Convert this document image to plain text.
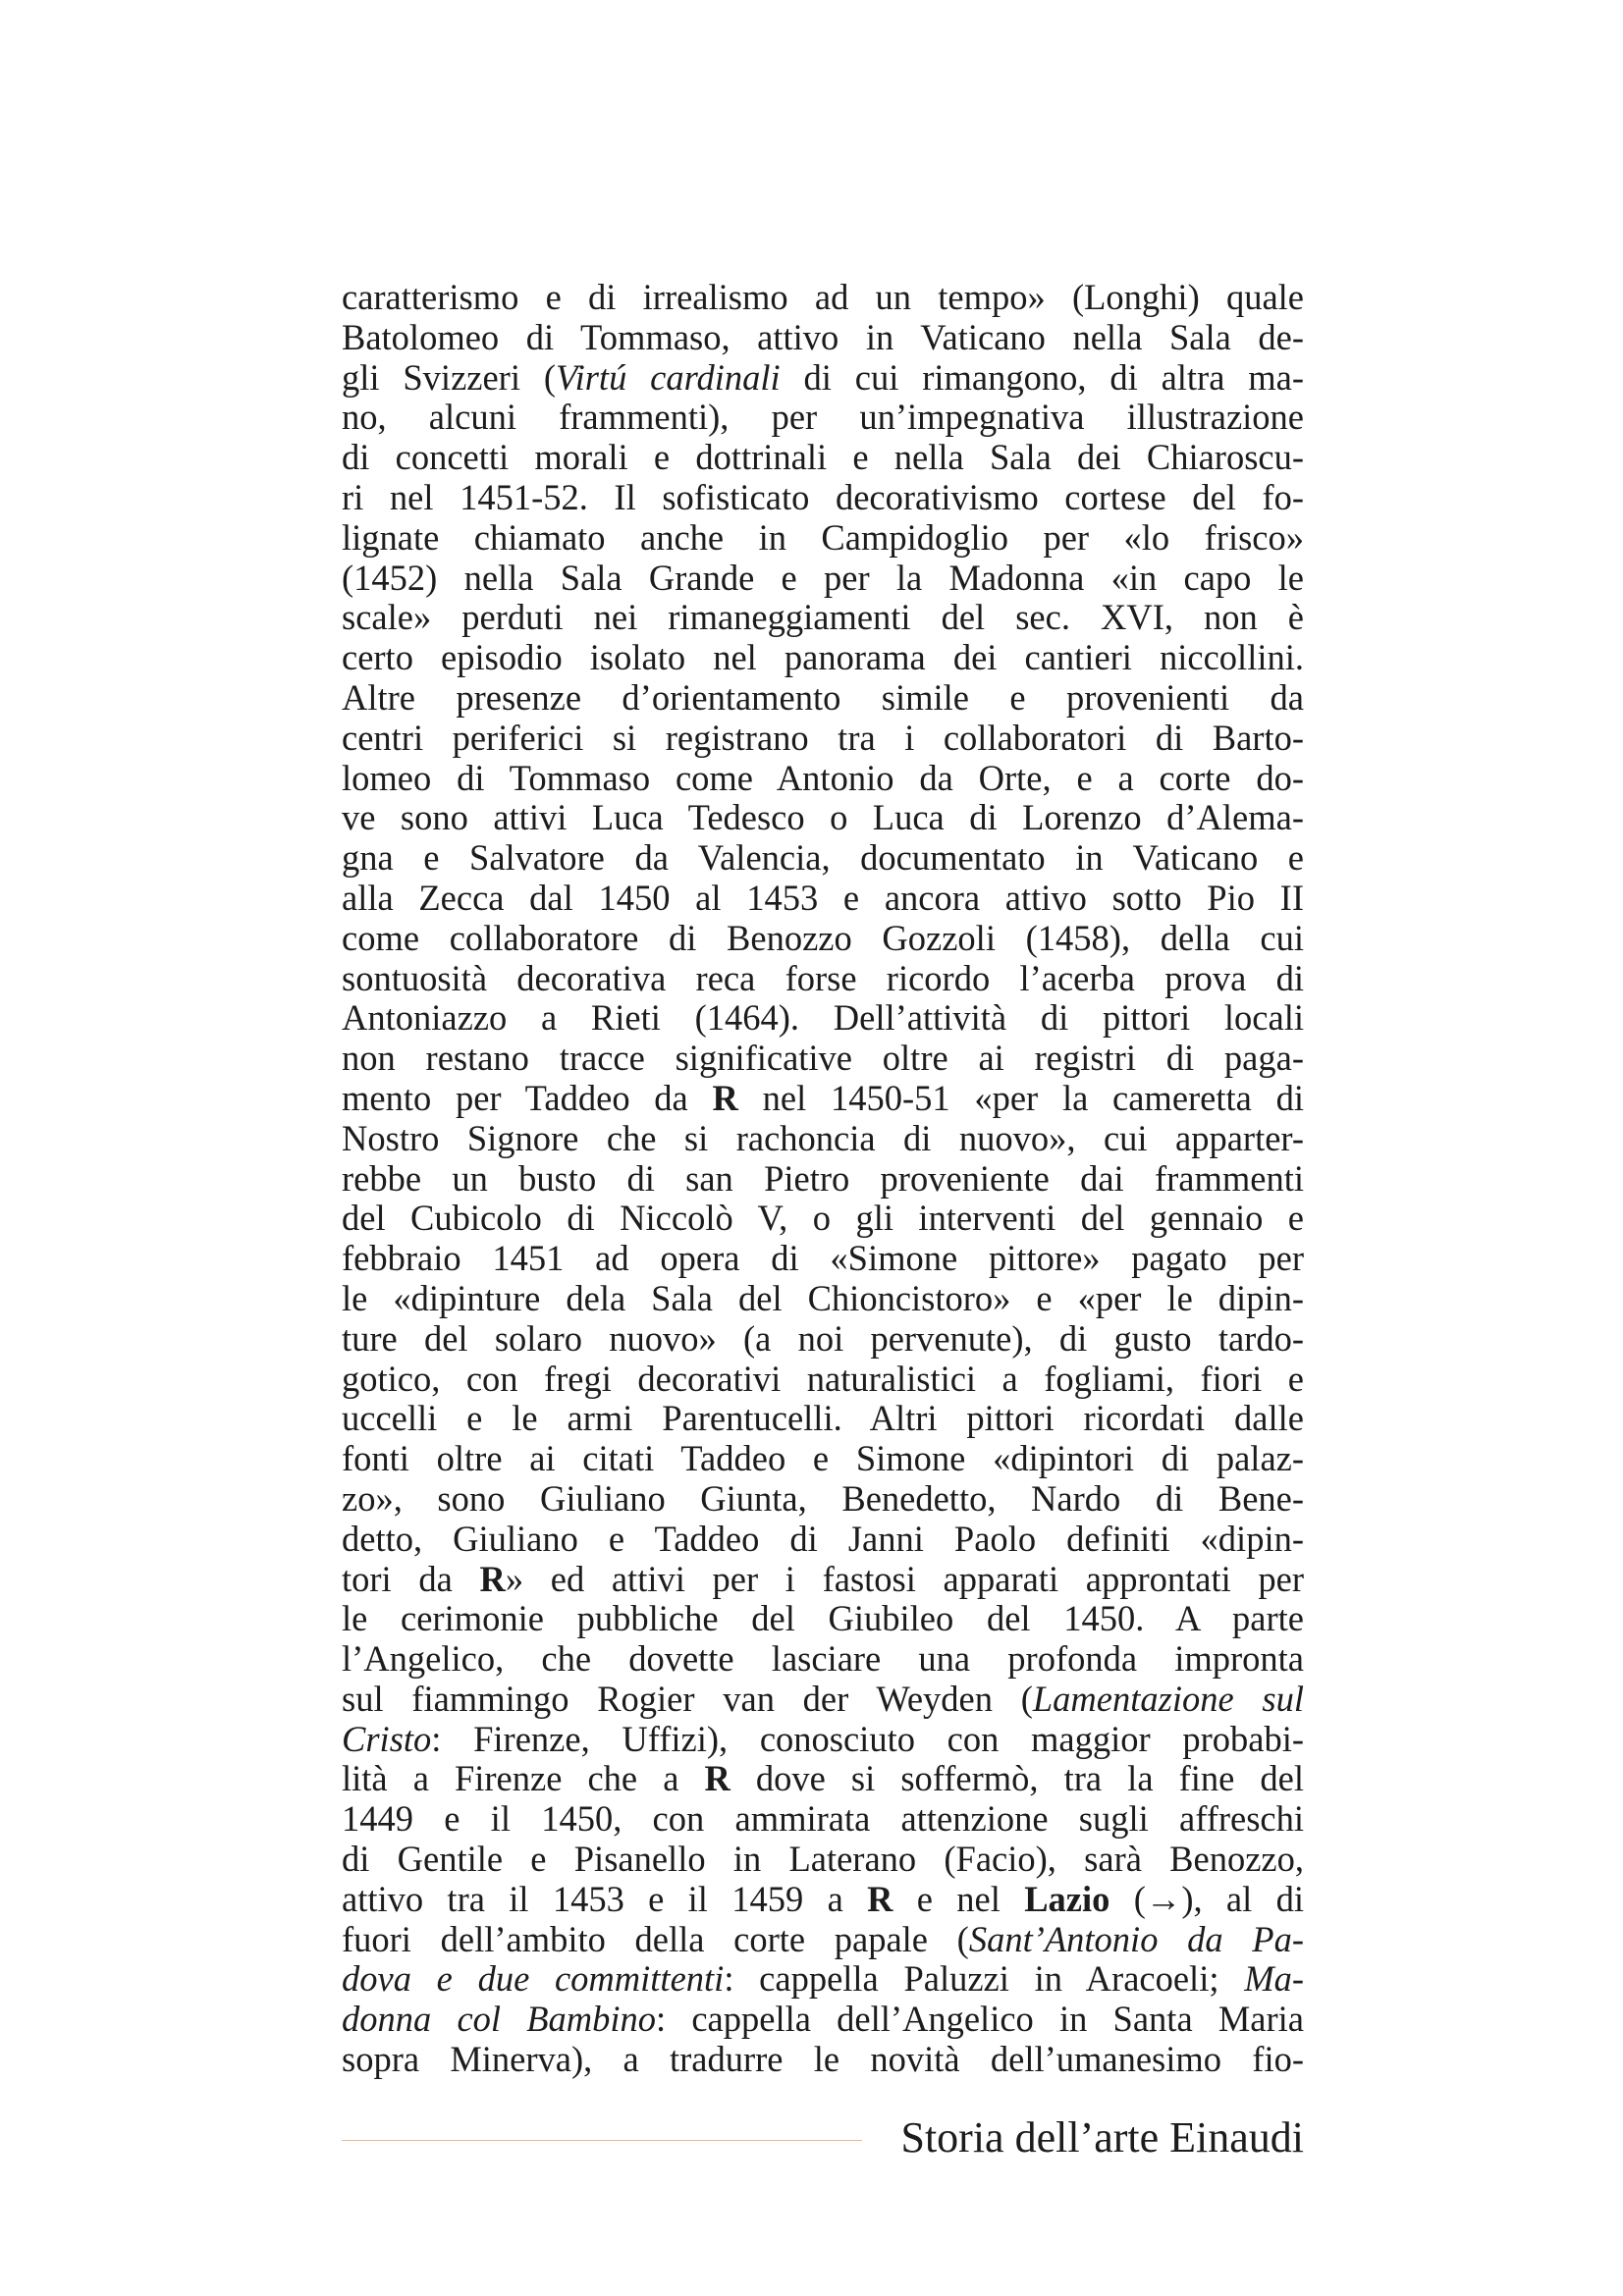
caratterismo e di irrealismo ad un tempo» (Longhi) quale
Batolomeo di Tommaso, attivo in Vaticano nella Sala de-
gli Svizzeri (Virtú cardinali di cui rimangono, di altra ma-
no, alcuni frammenti), per un’impegnativa illustrazione
di concetti morali e dottrinali e nella Sala dei Chiaroscu-
ri nel 1451-52. Il sofisticato decorativismo cortese del fo-
lignate chiamato anche in Campidoglio per «lo frisco»
(1452) nella Sala Grande e per la Madonna «in capo le
scale» perduti nei rimaneggiamenti del sec. XVI, non è
certo episodio isolato nel panorama dei cantieri niccollini.
Altre presenze d’orientamento simile e provenienti da
centri periferici si registrano tra i collaboratori di Barto-
lomeo di Tommaso come Antonio da Orte, e a corte do-
ve sono attivi Luca Tedesco o Luca di Lorenzo d’Alema-
gna e Salvatore da Valencia, documentato in Vaticano e
alla Zecca dal 1450 al 1453 e ancora attivo sotto Pio II
come collaboratore di Benozzo Gozzoli (1458), della cui
sontuosità decorativa reca forse ricordo l’acerba prova di
Antoniazzo a Rieti (1464). Dell’attività di pittori locali
non restano tracce significative oltre ai registri di paga-
mento per Taddeo da R nel 1450-51 «per la cameretta di
Nostro Signore che si rachoncia di nuovo», cui apparter-
rebbe un busto di san Pietro proveniente dai frammenti
del Cubicolo di Niccolò V, o gli interventi del gennaio e
febbraio 1451 ad opera di «Simone pittore» pagato per
le «dipinture dela Sala del Chioncistoro» e «per le dipin-
ture del solaro nuovo» (a noi pervenute), di gusto tardo-
gotico, con fregi decorativi naturalistici a fogliami, fiori e
uccelli e le armi Parentucelli. Altri pittori ricordati dalle
fonti oltre ai citati Taddeo e Simone «dipintori di palaz-
zo», sono Giuliano Giunta, Benedetto, Nardo di Bene-
detto, Giuliano e Taddeo di Janni Paolo definiti «dipin-
tori da R» ed attivi per i fastosi apparati approntati per
le cerimonie pubbliche del Giubileo del 1450. A parte
l’Angelico, che dovette lasciare una profonda impronta
sul fiammingo Rogier van der Weyden (Lamentazione sul
Cristo: Firenze, Uffizi), conosciuto con maggior probabi-
lità a Firenze che a R dove si soffermò, tra la fine del
1449 e il 1450, con ammirata attenzione sugli affreschi
di Gentile e Pisanello in Laterano (Facio), sarà Benozzo,
attivo tra il 1453 e il 1459 a R e nel Lazio (→), al di
fuori dell’ambito della corte papale (Sant’Antonio da Pa-
dova e due committenti: cappella Paluzzi in Aracoeli; Ma-
donna col Bambino: cappella dell’Angelico in Santa Maria
sopra Minerva), a tradurre le novità dell’umanesimo fio-
Storia dell’arte Einaudi
